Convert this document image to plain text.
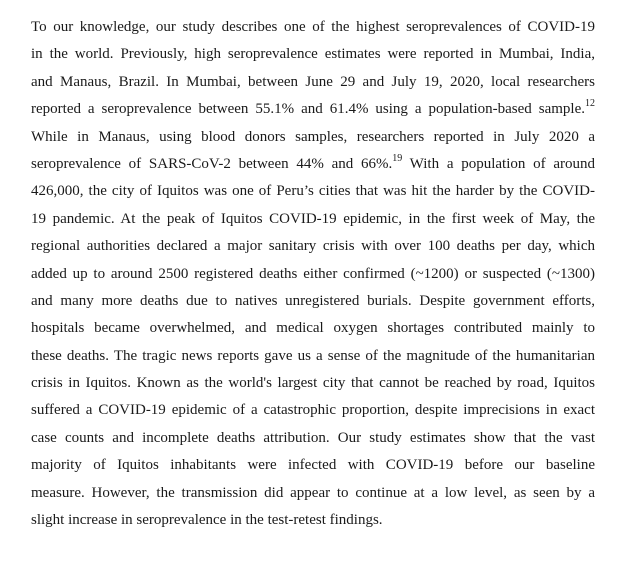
To our knowledge, our study describes one of the highest seroprevalences of COVID-19
in the world. Previously, high seroprevalence estimates were reported in Mumbai, India,
and Manaus, Brazil. In Mumbai, between June 29 and July 19, 2020, local researchers
reported a seroprevalence between 55.1% and 61.4% using a population-based sample.$^{12}$
While in Manaus, using blood donors samples, researchers reported in July 2020 a
seroprevalence of SARS-CoV-2 between 44% and 66%.$^{19}$ With a population of around
426,000, the city of Iquitos was one of Peru’s cities that was hit the harder by the COVID-
19 pandemic. At the peak of Iquitos COVID-19 epidemic, in the first week of May, the
regional authorities declared a major sanitary crisis with over 100 deaths per day, which
added up to around 2500 registered deaths either confirmed (~1200) or suspected (~1300)
and many more deaths due to natives unregistered burials. Despite government efforts,
hospitals became overwhelmed, and medical oxygen shortages contributed mainly to
these deaths. The tragic news reports gave us a sense of the magnitude of the humanitarian
crisis in Iquitos. Known as the world's largest city that cannot be reached by road, Iquitos
suffered a COVID-19 epidemic of a catastrophic proportion, despite imprecisions in exact
case counts and incomplete deaths attribution. Our study estimates show that the vast
majority of Iquitos inhabitants were infected with COVID-19 before our baseline
measure. However, the transmission did appear to continue at a low level, as seen by a
slight increase in seroprevalence in the test-retest findings.
